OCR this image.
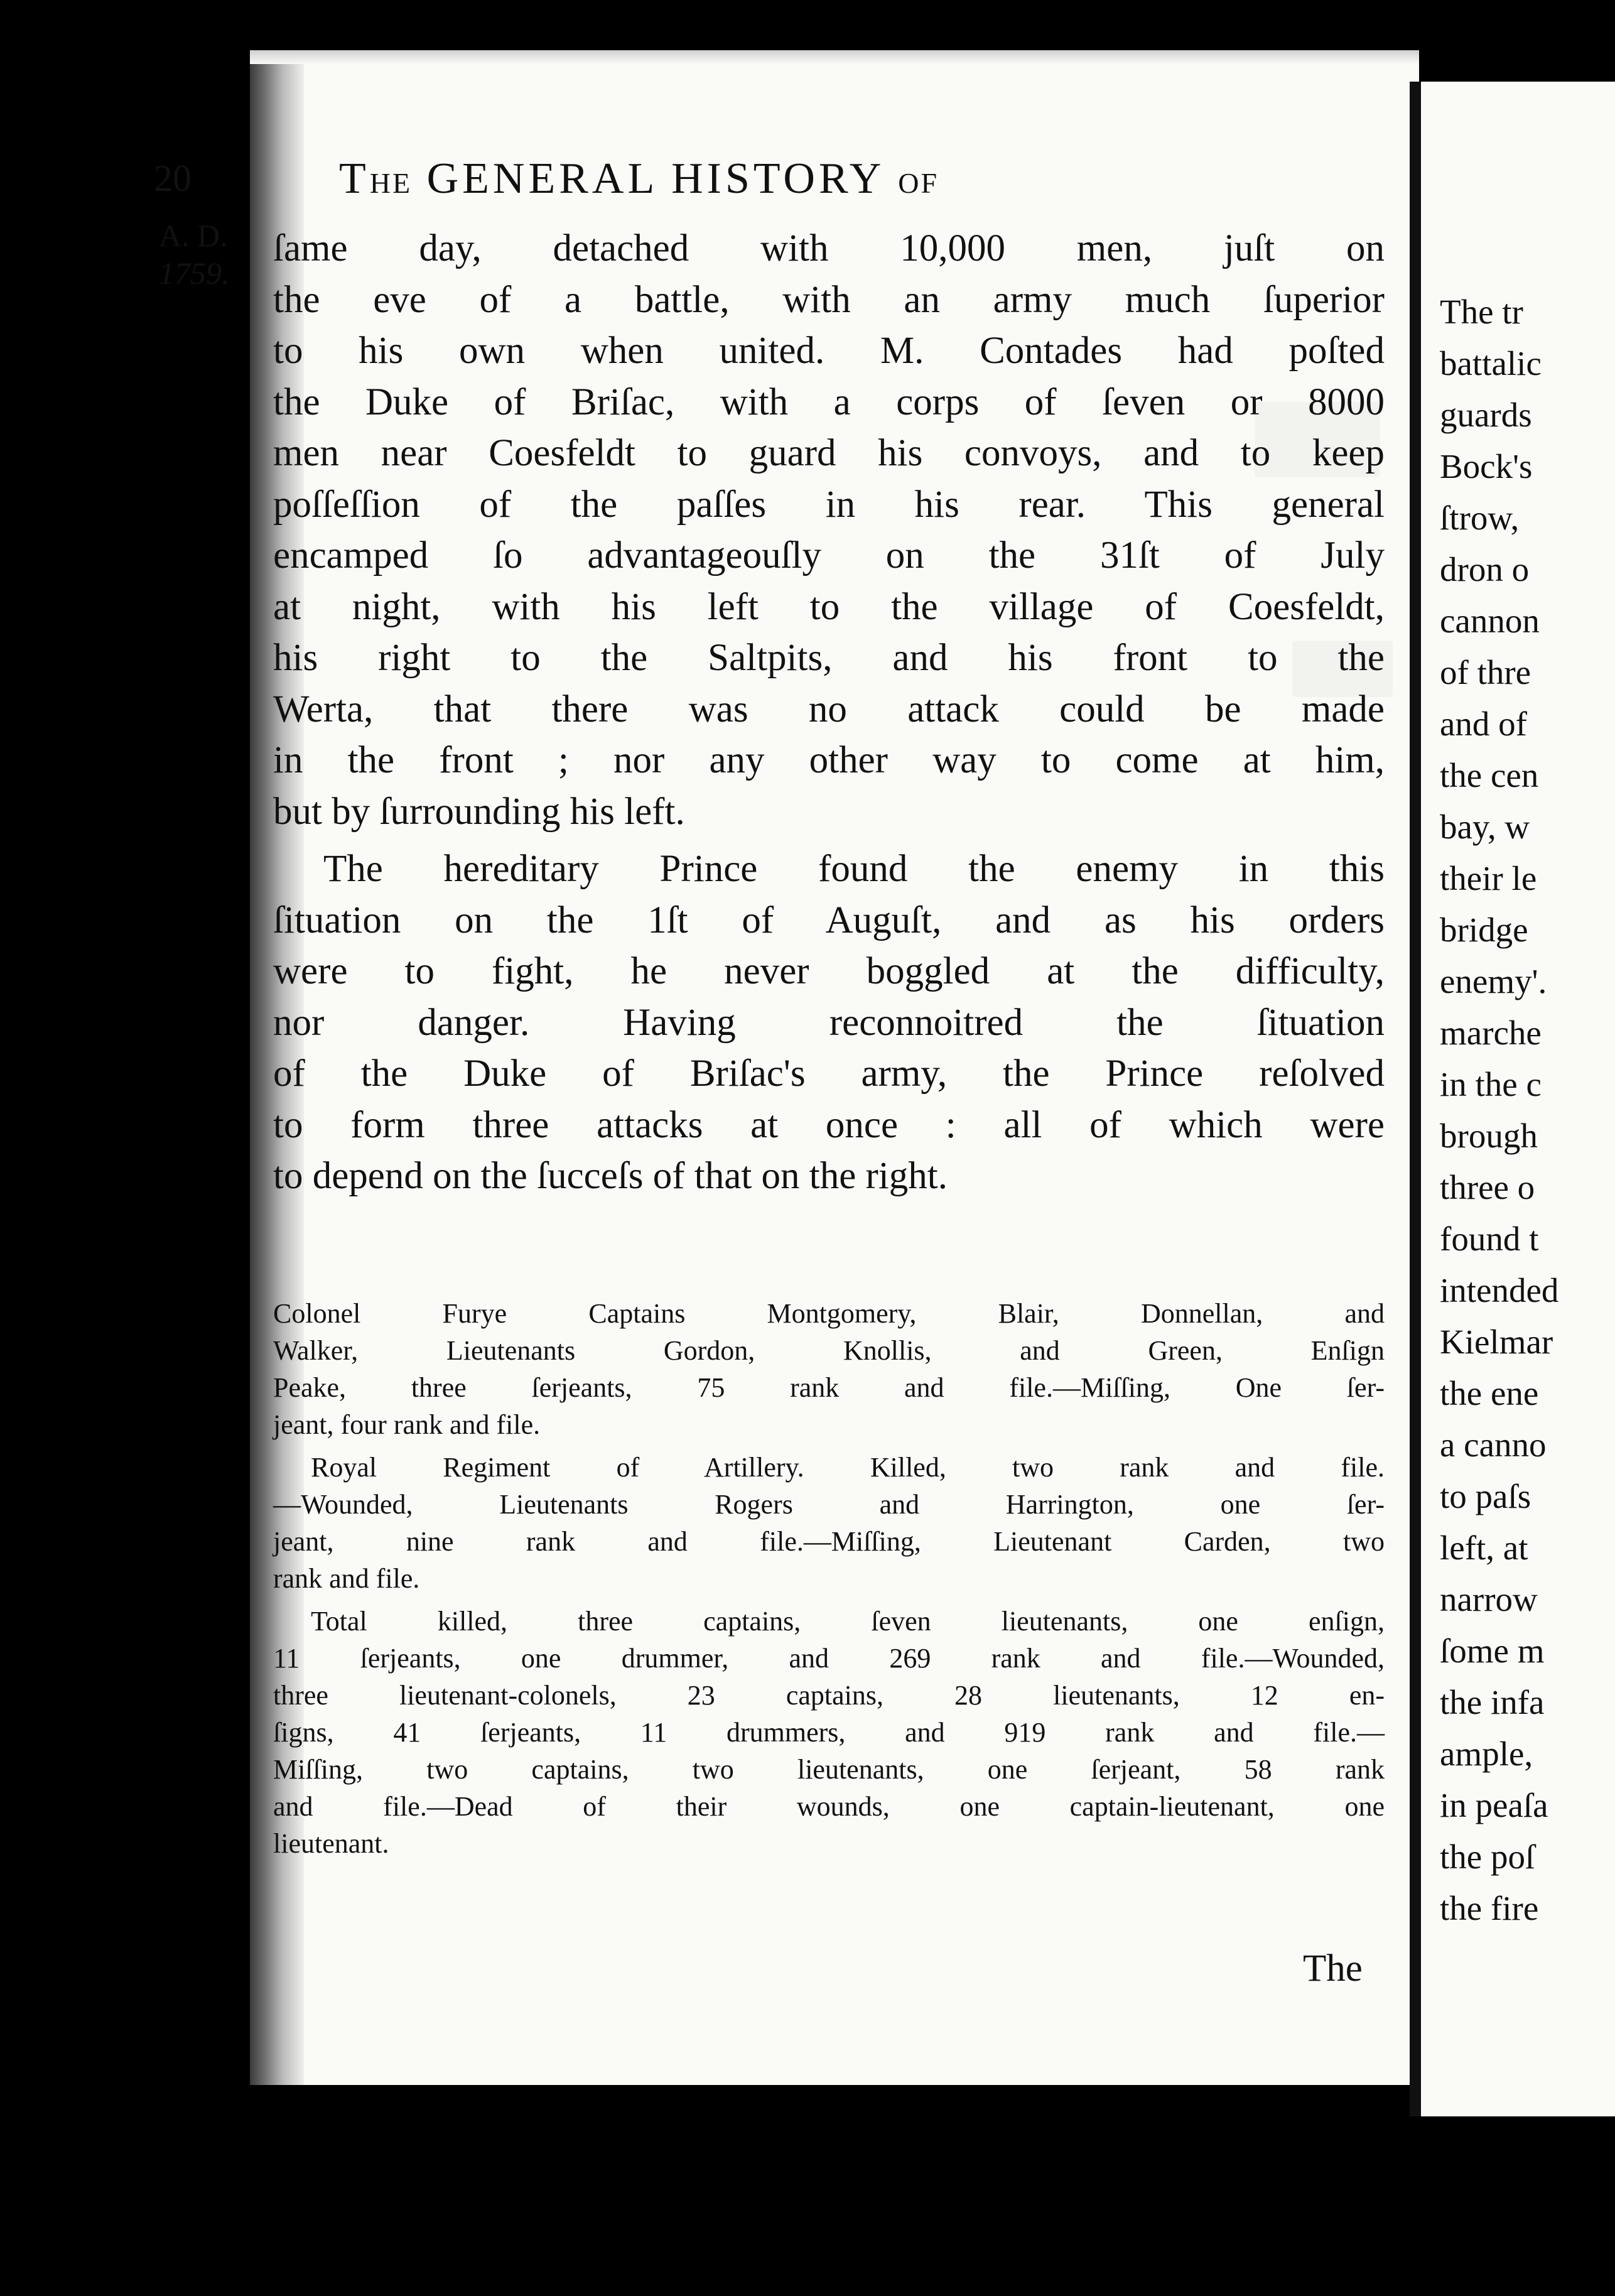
The tr
battalic
guards
Bock's
ſtrow,
dron o
cannon
of thre
and of
the cen
bay, w
their le
bridge
enemy'.
marche
in the c
brough
three o
found t
intended
Kielmar
the ene
a canno
to paſs
left, at
narrow
ſome m
the infa
ample,
in peaſa
the poſ
the fire
20	THE GENERAL HISTORY OF
A. D.
1759.

ſame day, detached with 10,000 men, juſt on
the eve of a battle, with an army much ſuperior
to his own when united. M. Contades had poſted
the Duke of Briſac, with a corps of ſeven or 8000
men near Coesfeldt to guard his convoys, and to keep
poſſeſſion of the paſſes in his rear. This general
encamped ſo advantageouſly on the 31ſt of July
at night, with his left to the village of Coesfeldt,
his right to the Saltpits, and his front to the
Werta, that there was no attack could be made
in the front ; nor any other way to come at him,
but by ſurrounding his left.

The hereditary Prince found the enemy in this
ſituation on the 1ſt of Auguſt, and as his orders
were to fight, he never boggled at the difficulty,
nor danger. Having reconnoitred the ſituation
of the Duke of Briſac's army, the Prince reſolved
to form three attacks at once : all of which were
to depend on the ſucceſs of that on the right.

Colonel Furye Captains Montgomery, Blair, Donnellan, and
Walker, Lieutenants Gordon, Knollis, and Green, Enſign
Peake, three ſerjeants, 75 rank and file.—Miſſing, One ſer-
jeant, four rank and file.

Royal Regiment of Artillery. Killed, two rank and file.
—Wounded, Lieutenants Rogers and Harrington, one ſer-
jeant, nine rank and file.—Miſſing, Lieutenant Carden, two
rank and file.

Total killed, three captains, ſeven lieutenants, one enſign,
11 ſerjeants, one drummer, and 269 rank and file.—Wounded,
three lieutenant-colonels, 23 captains, 28 lieutenants, 12 en-
ſigns, 41 ſerjeants, 11 drummers, and 919 rank and file.—
Miſſing, two captains, two lieutenants, one ſerjeant, 58 rank
and file.—Dead of their wounds, one captain-lieutenant, one
lieutenant.

The
